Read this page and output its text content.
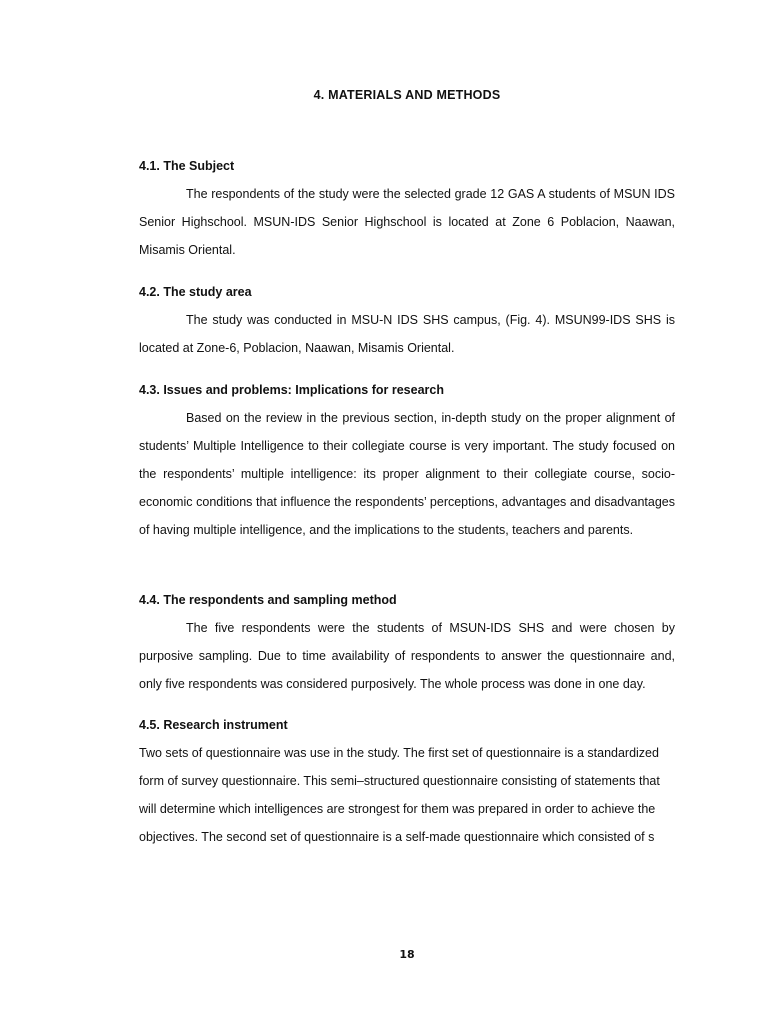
4. MATERIALS AND METHODS
4.1. The Subject

The respondents of the study were the selected grade 12 GAS A students of MSUN IDS Senior Highschool. MSUN-IDS Senior Highschool is located at Zone 6 Poblacion, Naawan, Misamis Oriental.

4.2. The study area

The study was conducted in MSU-N IDS SHS campus, (Fig. 4). MSUN99-IDS SHS is located at Zone-6, Poblacion, Naawan, Misamis Oriental.

4.3. Issues and problems: Implications for research

Based on the review in the previous section, in-depth study on the proper alignment of students’ Multiple Intelligence to their collegiate course is very important. The study focused on the respondents’ multiple intelligence: its proper alignment to their collegiate course, socio-economic conditions that influence the respondents’ perceptions, advantages and disadvantages of having multiple intelligence, and the implications to the students, teachers and parents.

4.4. The respondents and sampling method

The five respondents were the students of MSUN-IDS SHS and were chosen by purposive sampling. Due to time availability of respondents to answer the questionnaire and, only five respondents was considered purposively. The whole process was done in one day.

4.5. Research instrument

Two sets of questionnaire was use in the study. The first set of questionnaire is a standardized form of survey questionnaire. This semi–structured questionnaire consisting of statements that will determine which intelligences are strongest for them was prepared in order to achieve the objectives. The second set of questionnaire is a self-made questionnaire which consisted of s

18
